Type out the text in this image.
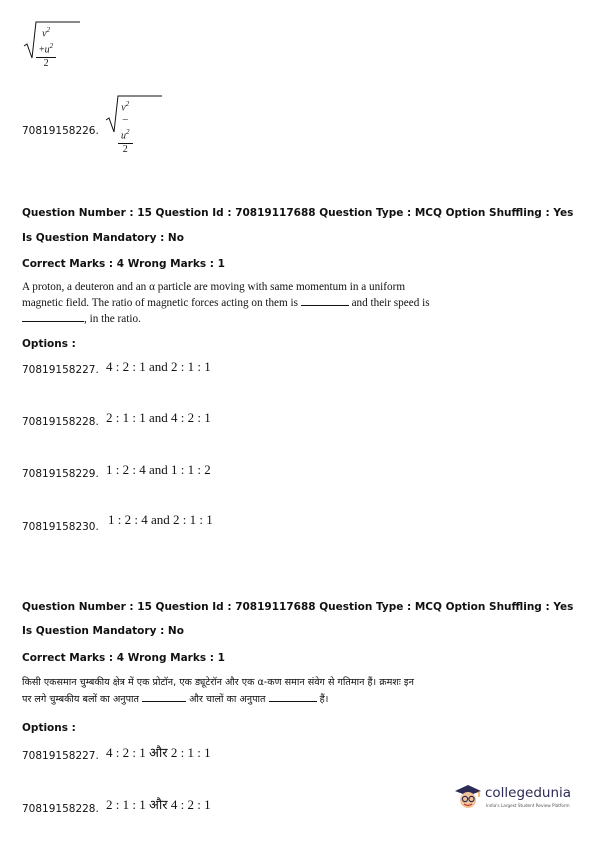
$\frac{v^2 +u^2}{2}$
70819158226. $\frac{v^2 -u^2}{2}$
Question Number : 15 Question Id : 70819117688 Question Type : MCQ Option Shuffling : Yes
Is Question Mandatory : No
Correct Marks : 4 Wrong Marks : 1
A proton, a deuteron and an α particle are moving with same momentum in a uniform
magnetic field. The ratio of magnetic forces acting on them is	and their speed is
, in the ratio.
Options :
70819158227. 4 : 2 : 1 and 2 : 1 : 1
70819158228. 2 : 1 : 1 and 4 : 2 : 1
70819158229. 1 : 2 : 4 and 1 : 1 : 2
70819158230. 1 : 2 : 4 and 2 : 1 : 1
Question Number : 15 Question Id : 70819117688 Question Type : MCQ Option Shuffling : Yes
Is Question Mandatory : No
Correct Marks : 4 Wrong Marks : 1
किसी एकसमान चुम्बकीय क्षेत्र में एक प्रोटॉन, एक ड्यूटेरॉन और एक α-कण समान संवेग से गतिमान हैं। क्रमशः इन
पर लगे चुम्बकीय बलों का अनुपात	और चालों का अनुपात	हैं।
Options :
70819158227. 4 : 2 : 1 और 2 : 1 : 1
70819158228. 2 : 1 : 1 और 4 : 2 : 1
collegedunia
India's Largest Student Review Platform
